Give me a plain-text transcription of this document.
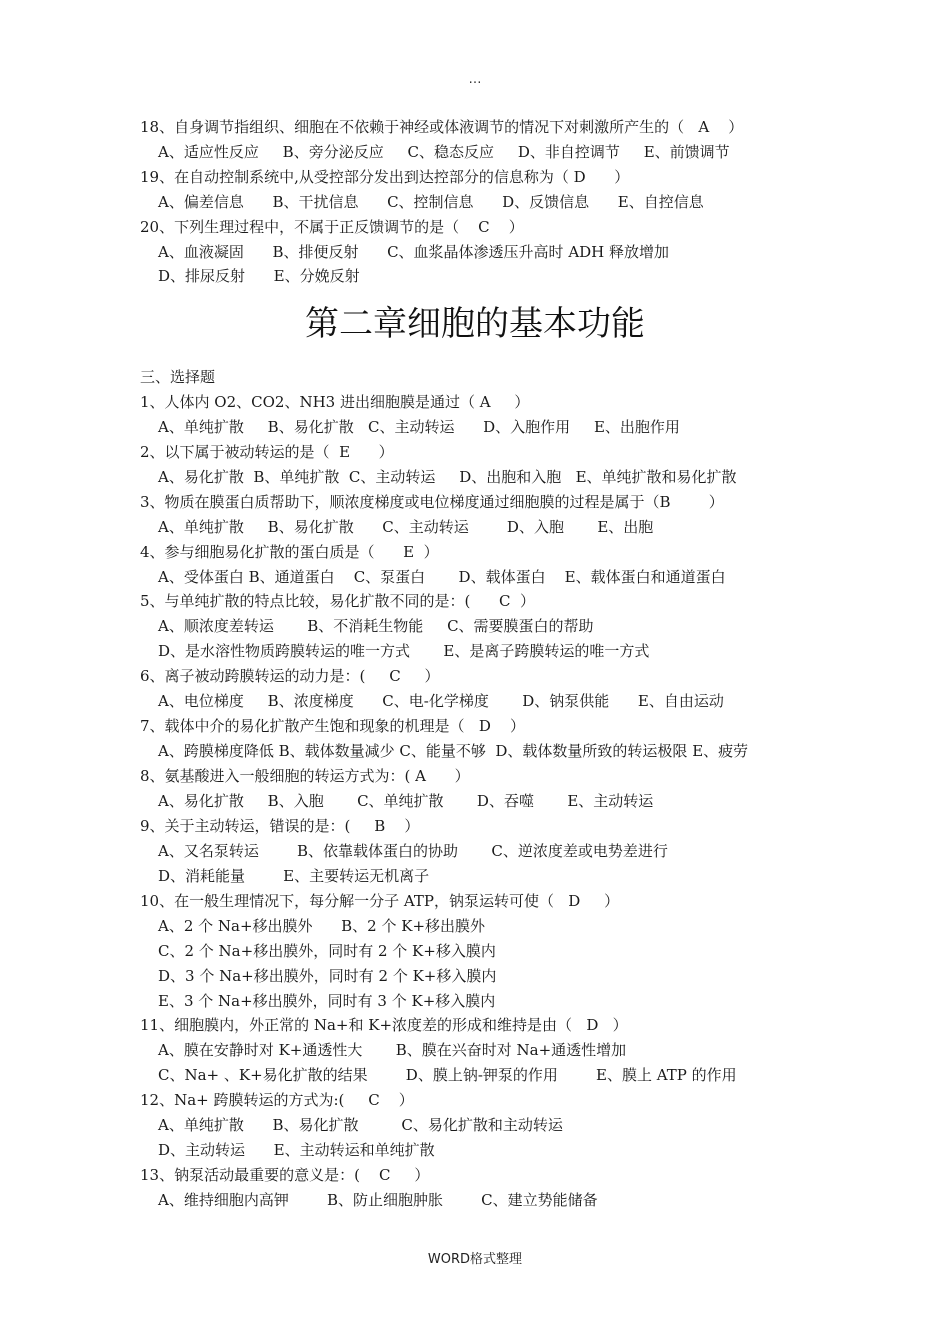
…
18、自身调节指组织、细胞在不依赖于神经或体液调节的情况下对刺激所产生的（   A    ）
A、适应性反应     B、旁分泌反应     C、稳态反应     D、非自控调节     E、前馈调节
19、在自动控制系统中,从受控部分发出到达控部分的信息称为（ D      ）
A、偏差信息      B、干扰信息      C、控制信息      D、反馈信息      E、自控信息
20、下列生理过程中，不属于正反馈调节的是（    C    ）
A、血液凝固      B、排便反射      C、血浆晶体渗透压升高时 ADH 释放增加
D、排尿反射      E、分娩反射
第二章细胞的基本功能
三、选择题
1、人体内 O2、CO2、NH3 进出细胞膜是通过（ A     ）
A、单纯扩散     B、易化扩散   C、主动转运      D、入胞作用     E、出胞作用
2、以下属于被动转运的是（  E      ）
A、易化扩散  B、单纯扩散  C、主动转运     D、出胞和入胞   E、单纯扩散和易化扩散
3、物质在膜蛋白质帮助下，顺浓度梯度或电位梯度通过细胞膜的过程是属于（B        ）
A、单纯扩散     B、易化扩散      C、主动转运        D、入胞       E、出胞
4、参与细胞易化扩散的蛋白质是（      E  ）
A、受体蛋白 B、通道蛋白    C、泵蛋白       D、载体蛋白    E、载体蛋白和通道蛋白
5、与单纯扩散的特点比较，易化扩散不同的是：(      C  ）
A、顺浓度差转运       B、不消耗生物能     C、需要膜蛋白的帮助
D、是水溶性物质跨膜转运的唯一方式       E、是离子跨膜转运的唯一方式
6、离子被动跨膜转运的动力是：(     C     ）
A、电位梯度     B、浓度梯度      C、电-化学梯度       D、钠泵供能      E、自由运动
7、载体中介的易化扩散产生饱和现象的机理是（   D    ）
A、跨膜梯度降低 B、载体数量减少 C、能量不够  D、载体数量所致的转运极限 E、疲劳
8、氨基酸进入一般细胞的转运方式为：( A      ）
A、易化扩散     B、入胞       C、单纯扩散       D、吞噬       E、主动转运
9、关于主动转运，错误的是：(     B    ）
A、又名泵转运        B、依靠载体蛋白的协助       C、逆浓度差或电势差进行
D、消耗能量        E、主要转运无机离子
10、在一般生理情况下，每分解一分子 ATP，钠泵运转可使（   D     ）
A、2 个 Na+移出膜外      B、2 个 K+移出膜外
C、2 个 Na+移出膜外，同时有 2 个 K+移入膜内
D、3 个 Na+移出膜外，同时有 2 个 K+移入膜内
E、3 个 Na+移出膜外，同时有 3 个 K+移入膜内
11、细胞膜内，外正常的 Na+和 K+浓度差的形成和维持是由（   D   ）
A、膜在安静时对 K+通透性大       B、膜在兴奋时对 Na+通透性增加
C、Na+ 、K+易化扩散的结果        D、膜上钠-钾泵的作用        E、膜上 ATP 的作用
12、Na+ 跨膜转运的方式为:(     C    ）
A、单纯扩散      B、易化扩散         C、易化扩散和主动转运
D、主动转运      E、主动转运和单纯扩散
13、钠泵活动最重要的意义是：(    C     ）
A、维持细胞内高钾        B、防止细胞肿胀        C、建立势能储备
WORD格式整理
